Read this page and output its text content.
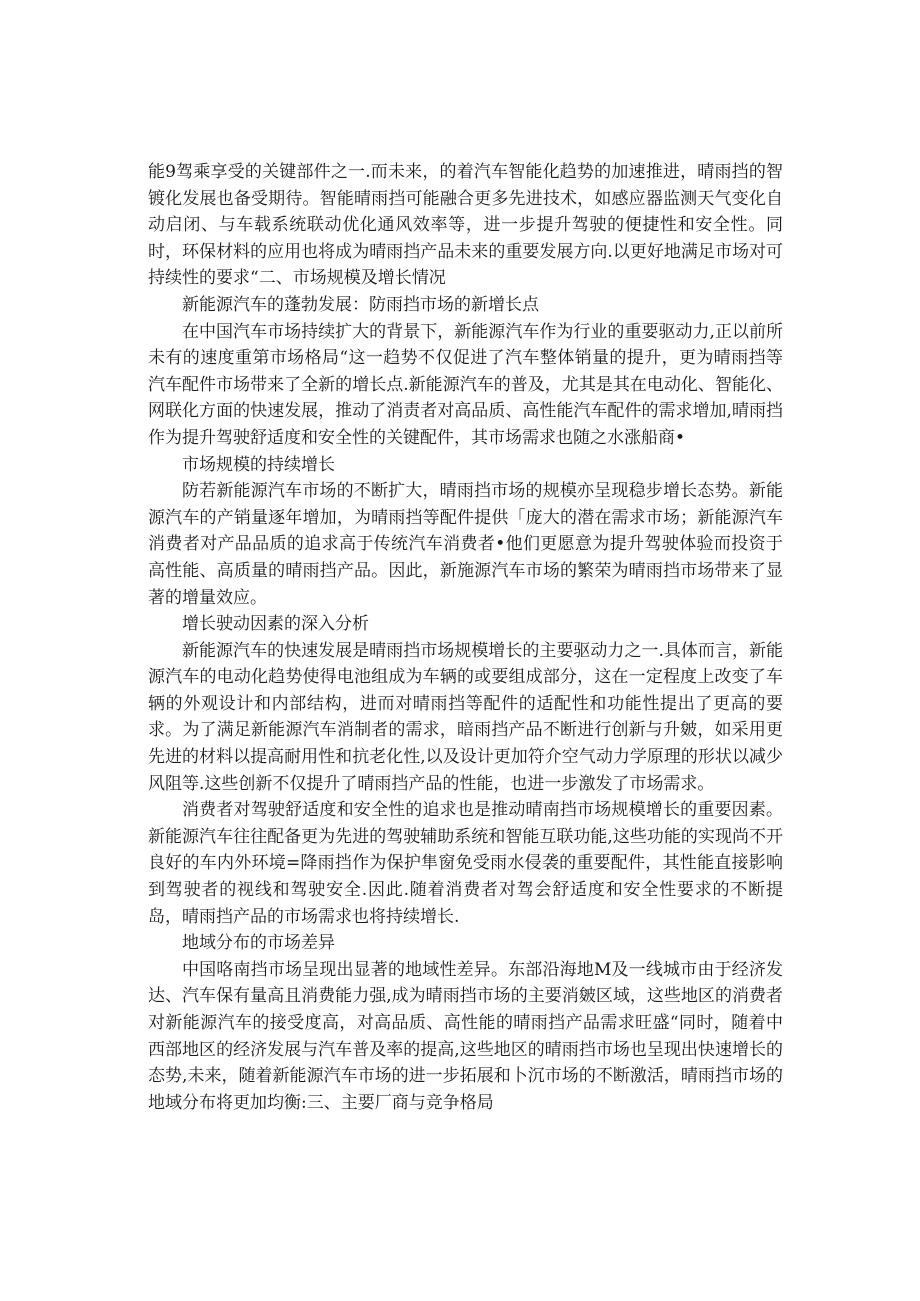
能9驾乘享受的关键部件之一.而未来，的着汽车智能化趋势的加速推进，晴雨挡的智镀化发展也备受期待。智能晴雨挡可能融合更多先进技术，如感应器监测天气变化自动启闭、与车载系统联动优化通风效率等，进一步提升驾驶的便捷性和安全性。同时，环保材料的应用也将成为晴雨挡产品未来的重要发展方向.以更好地满足市场对可持续性的要求“二、市场规模及增长情况

新能源汽车的蓬勃发展：防雨挡市场的新增长点

在中国汽车市场持续扩大的背景下，新能源汽车作为行业的重要驱动力,正以前所未有的速度重第市场格局“这一趋势不仅促进了汽车整体销量的提升，更为晴雨挡等汽车配件市场带来了全新的增长点.新能源汽车的普及，尤其是其在电动化、智能化、网联化方面的快速发展，推动了消责者对高品质、高性能汽车配件的需求增加,晴雨挡作为提升驾驶舒适度和安全性的关键配件，其市场需求也随之水涨船商•

市场规模的持续增长

防若新能源汽车市场的不断扩大，晴雨挡市场的规模亦呈现稳步增长态势。新能源汽车的产销量逐年增加，为晴雨挡等配件提供「庞大的潜在需求市场；新能源汽车消费者对产品品质的追求高于传统汽车消费者•他们更愿意为提升驾驶体验而投资于高性能、高质量的晴雨挡产品。因此，新施源汽车市场的繁荣为晴雨挡市场带来了显著的增量效应。

增长驶动因素的深入分析

新能源汽车的快速发展是晴雨挡市场规模增长的主要驱动力之一.具体而言，新能源汽车的电动化趋势使得电池组成为车辆的或要组成部分，这在一定程度上改变了车辆的外观设计和内部结构，进而对晴雨挡等配件的适配性和功能性提出了更高的要求。为了满足新能源汽车消制者的需求，暗雨挡产品不断进行创新与升皴，如采用更先进的材料以提高耐用性和抗老化性,以及设计更加符介空气动力学原理的形状以减少风阻等.这些创新不仅提升了晴雨挡产品的性能，也进一步激发了市场需求。

消费者对驾驶舒适度和安全性的追求也是推动晴南挡市场规模增长的重要因素。新能源汽车往往配备更为先进的驾驶辅助系统和智能互联功能,这些功能的实现尚不开良好的车内外环境=降雨挡作为保护隼窗免受雨水侵袭的重要配件，其性能直接影响到驾驶者的视线和驾驶安全.因此.随着消费者对驾会舒适度和安全性要求的不断提岛，晴雨挡产品的市场需求也将持续增长.

地域分布的市场差异

中国咯南挡市场呈现出显著的地域性差异。东部沿海地M及一线城市由于经济发达、汽车保有量高且消费能力强,成为晴雨挡市场的主要消皴区域，这些地区的消费者对新能源汽车的接受度高，对高品质、高性能的晴雨挡产品需求旺盛“同时，随着中西部地区的经济发展与汽车普及率的提高,这些地区的晴雨挡市场也呈现出快速增长的态势,未来，随着新能源汽车市场的进一步拓展和卜沉市场的不断激活，晴雨挡市场的地域分布将更加均衡:三、主要厂商与竞争格局
